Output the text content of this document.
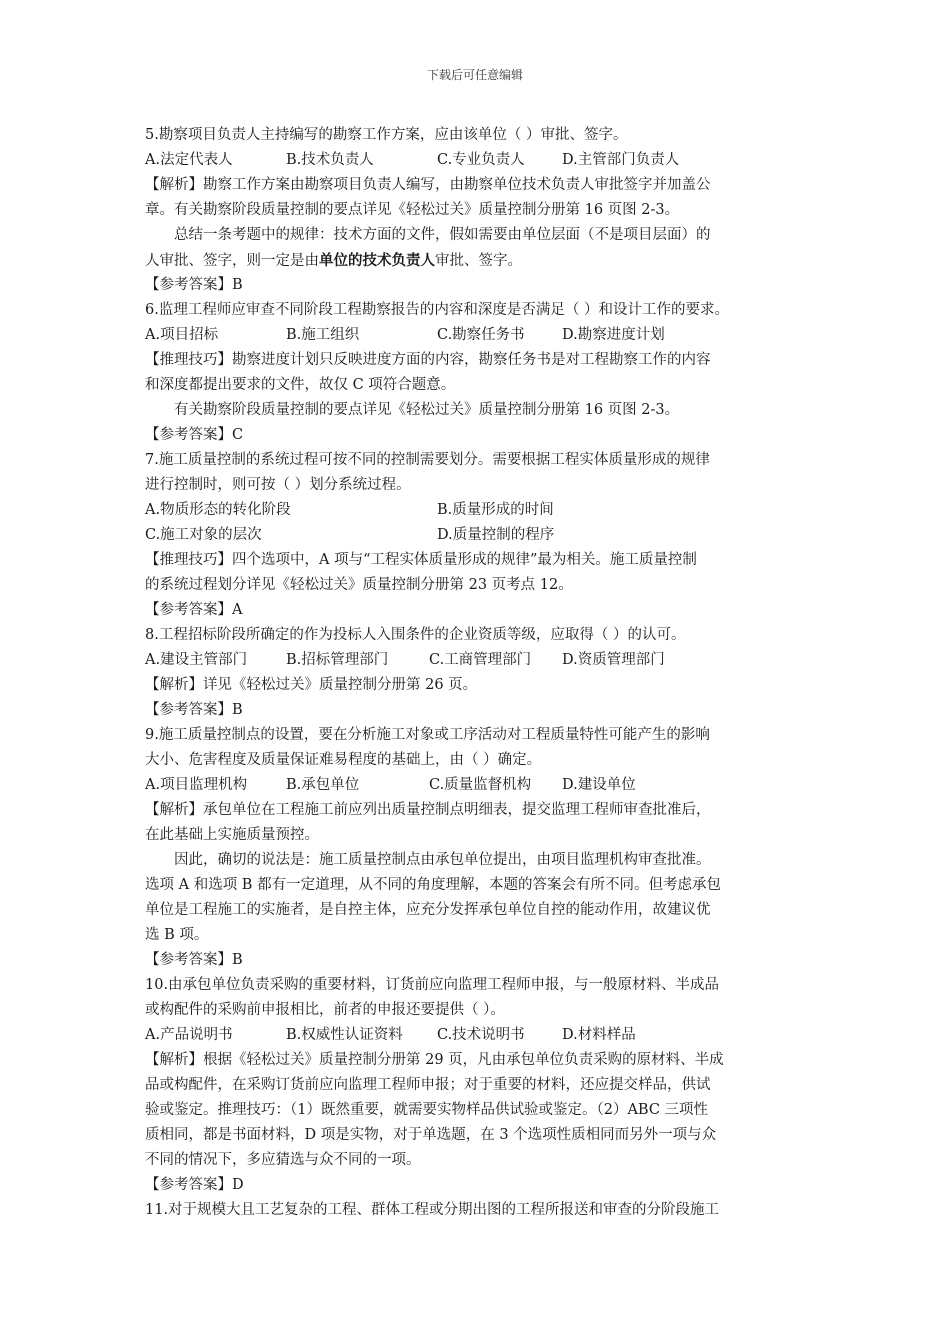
下载后可任意编辑
5.勘察项目负责人主持编写的勘察工作方案，应由该单位（ ）审批、签字。
A.法定代表人	B.技术负责人	C.专业负责人	D.主管部门负责人
【解析】勘察工作方案由勘察项目负责人编写，由勘察单位技术负责人审批签字并加盖公
章。有关勘察阶段质量控制的要点详见《轻松过关》质量控制分册第 16 页图 2-3。
总结一条考题中的规律：技术方面的文件，假如需要由单位层面（不是项目层面）的
人审批、签字，则一定是由单位的技术负责人审批、签字。
【参考答案】B
6.监理工程师应审查不同阶段工程勘察报告的内容和深度是否满足（ ）和设计工作的要求。
A.项目招标	B.施工组织	C.勘察任务书	D.勘察进度计划
【推理技巧】勘察进度计划只反映进度方面的内容，勘察任务书是对工程勘察工作的内容
和深度都提出要求的文件，故仅 C 项符合题意。
有关勘察阶段质量控制的要点详见《轻松过关》质量控制分册第 16 页图 2-3。
【参考答案】C
7.施工质量控制的系统过程可按不同的控制需要划分。需要根据工程实体质量形成的规律
进行控制时，则可按（ ）划分系统过程。
A.物质形态的转化阶段	B.质量形成的时间
C.施工对象的层次	D.质量控制的程序
【推理技巧】四个选项中，A 项与“工程实体质量形成的规律”最为相关。施工质量控制
的系统过程划分详见《轻松过关》质量控制分册第 23 页考点 12。
【参考答案】A
8.工程招标阶段所确定的作为投标人入围条件的企业资质等级，应取得（ ）的认可。
A.建设主管部门	B.招标管理部门	C.工商管理部门	D.资质管理部门
【解析】详见《轻松过关》质量控制分册第 26 页。
【参考答案】B
9.施工质量控制点的设置，要在分析施工对象或工序活动对工程质量特性可能产生的影响
大小、危害程度及质量保证难易程度的基础上，由（ ）确定。
A.项目监理机构	B.承包单位	C.质量监督机构	D.建设单位
【解析】承包单位在工程施工前应列出质量控制点明细表，提交监理工程师审查批准后，
在此基础上实施质量预控。
因此，确切的说法是：施工质量控制点由承包单位提出，由项目监理机构审查批准。
选项 A 和选项 B 都有一定道理，从不同的角度理解，本题的答案会有所不同。但考虑承包
单位是工程施工的实施者，是自控主体，应充分发挥承包单位自控的能动作用，故建议优
选 B 项。
【参考答案】B
10.由承包单位负责采购的重要材料，订货前应向监理工程师申报，与一般原材料、半成品
或构配件的采购前申报相比，前者的申报还要提供（ ）。
A.产品说明书	B.权威性认证资料	C.技术说明书	D.材料样品
【解析】根据《轻松过关》质量控制分册第 29 页，凡由承包单位负责采购的原材料、半成
品或构配件，在采购订货前应向监理工程师申报；对于重要的材料，还应提交样品，供试
验或鉴定。推理技巧：（1）既然重要，就需要实物样品供试验或鉴定。（2）ABC 三项性
质相同，都是书面材料，D 项是实物，对于单选题，在 3 个选项性质相同而另外一项与众
不同的情况下，多应猜选与众不同的一项。
【参考答案】D
11.对于规模大且工艺复杂的工程、群体工程或分期出图的工程所报送和审查的分阶段施工
